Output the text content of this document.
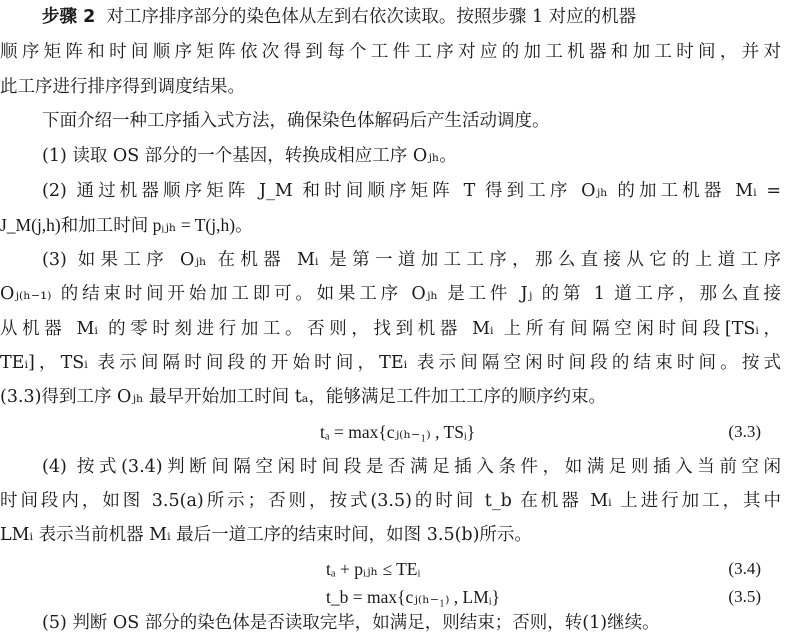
步骤 2 对工序排序部分的染色体从左到右依次读取。按照步骤 1 对应的机器
顺序矩阵和时间顺序矩阵依次得到每个工件工序对应的加工机器和加工时间，并对
此工序进行排序得到调度结果。
下面介绍一种工序插入式方法，确保染色体解码后产生活动调度。
(1) 读取 OS 部分的一个基因，转换成相应工序 Oⱼₕ。
(2) 通过机器顺序矩阵 J_M 和时间顺序矩阵 T 得到工序 Oⱼₕ 的加工机器 Mᵢ =
J_M(j,h)和加工时间 pᵢⱼₕ = T(j,h)。
(3) 如果工序 Oⱼₕ 在机器 Mᵢ 是第一道加工工序，那么直接从它的上道工序
Oⱼ₍ₕ₋₁₎ 的结束时间开始加工即可。如果工序 Oⱼₕ 是工件 Jⱼ 的第 1 道工序，那么直接
从机器 Mᵢ 的零时刻进行加工。否则，找到机器 Mᵢ 上所有间隔空闲时间段[TSᵢ，
TEᵢ]，TSᵢ 表示间隔时间段的开始时间，TEᵢ 表示间隔空闲时间段的结束时间。按式
(3.3)得到工序 Oⱼₕ 最早开始加工时间 tₐ，能够满足工件加工工序的顺序约束。
tₐ = max{cⱼ₍ₕ₋₁₎ , TSᵢ}	(3.3)
(4) 按式(3.4)判断间隔空闲时间段是否满足插入条件，如满足则插入当前空闲
时间段内，如图 3.5(a)所示；否则，按式(3.5)的时间 t_b 在机器 Mᵢ 上进行加工，其中
LMᵢ 表示当前机器 Mᵢ 最后一道工序的结束时间，如图 3.5(b)所示。
tₐ + pᵢⱼₕ ≤ TEᵢ	(3.4)
t_b = max{cⱼ₍ₕ₋₁₎ , LMᵢ}	(3.5)
(5) 判断 OS 部分的染色体是否读取完毕，如满足，则结束；否则，转(1)继续。
